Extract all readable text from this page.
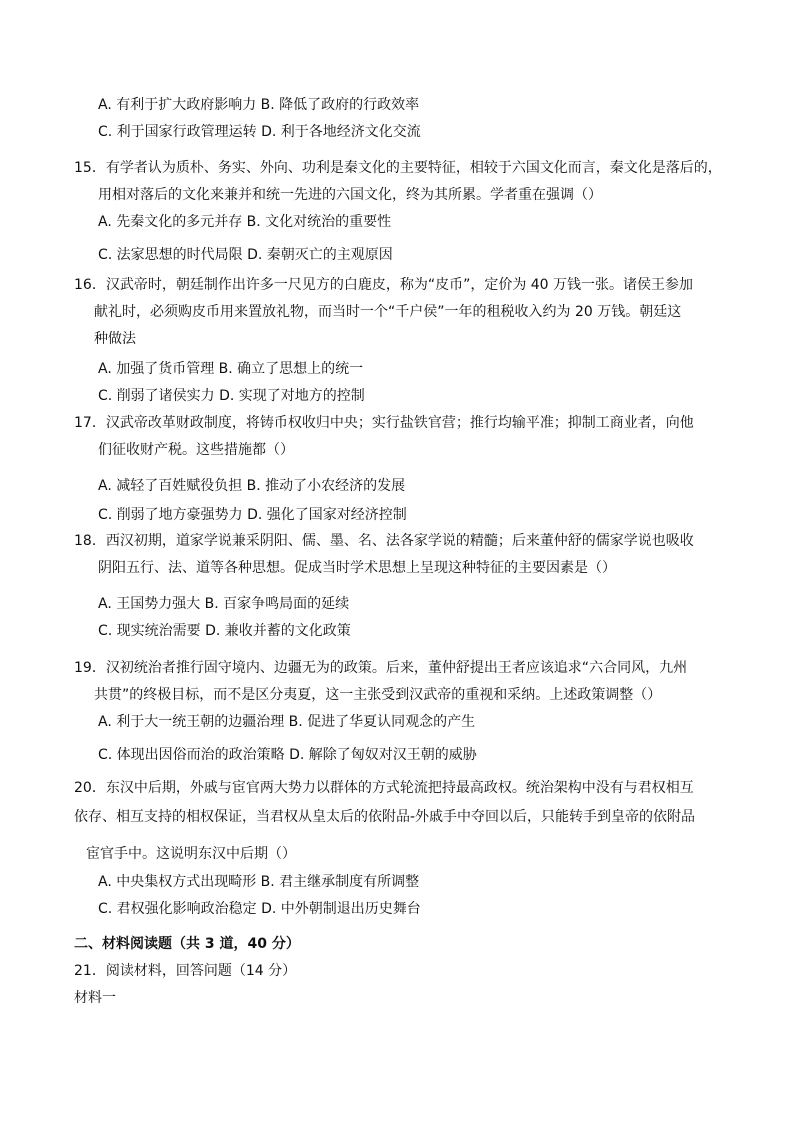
A. 有利于扩大政府影响力 B. 降低了政府的行政效率
C. 利于国家行政管理运转 D. 利于各地经济文化交流
15．有学者认为质朴、务实、外向、功利是秦文化的主要特征，相较于六国文化而言，秦文化是落后的，
用相对落后的文化来兼并和统一先进的六国文化，终为其所累。学者重在强调（）
A. 先秦文化的多元并存 B. 文化对统治的重要性
C. 法家思想的时代局限 D. 秦朝灭亡的主观原因
16．汉武帝时，朝廷制作出许多一尺见方的白鹿皮，称为“皮币”，定价为 40 万钱一张。诸侯王参加
献礼时，必须购皮币用来置放礼物，而当时一个“千户侯”一年的租税收入约为 20 万钱。朝廷这
种做法
A. 加强了货币管理 B. 确立了思想上的统一
C. 削弱了诸侯实力 D. 实现了对地方的控制
17．汉武帝改革财政制度，将铸币权收归中央；实行盐铁官营；推行均输平准；抑制工商业者，向他
们征收财产税。这些措施都（）
A. 减轻了百姓赋役负担 B. 推动了小农经济的发展
C. 削弱了地方豪强势力 D. 强化了国家对经济控制
18．西汉初期，道家学说兼采阴阳、儒、墨、名、法各家学说的精髓；后来董仲舒的儒家学说也吸收
阴阳五行、法、道等各种思想。促成当时学术思想上呈现这种特征的主要因素是（）
A. 王国势力强大 B. 百家争鸣局面的延续
C. 现实统治需要 D. 兼收并蓄的文化政策
19．汉初统治者推行固守境内、边疆无为的政策。后来，董仲舒提出王者应该追求“六合同风，九州
共贯”的终极目标，而不是区分夷夏，这一主张受到汉武帝的重视和采纳。上述政策调整（）
A. 利于大一统王朝的边疆治理 B. 促进了华夏认同观念的产生
C. 体现出因俗而治的政治策略 D. 解除了匈奴对汉王朝的威胁
20．东汉中后期，外戚与宦官两大势力以群体的方式轮流把持最高政权。统治架构中没有与君权相互
依存、相互支持的相权保证，当君权从皇太后的依附品-外戚手中夺回以后，只能转手到皇帝的依附品
宦官手中。这说明东汉中后期（）
A. 中央集权方式出现畸形 B. 君主继承制度有所调整
C. 君权强化影响政治稳定 D. 中外朝制退出历史舞台
二、材料阅读题（共 3 道，40 分）
21．阅读材料，回答问题（14 分）
材料一
